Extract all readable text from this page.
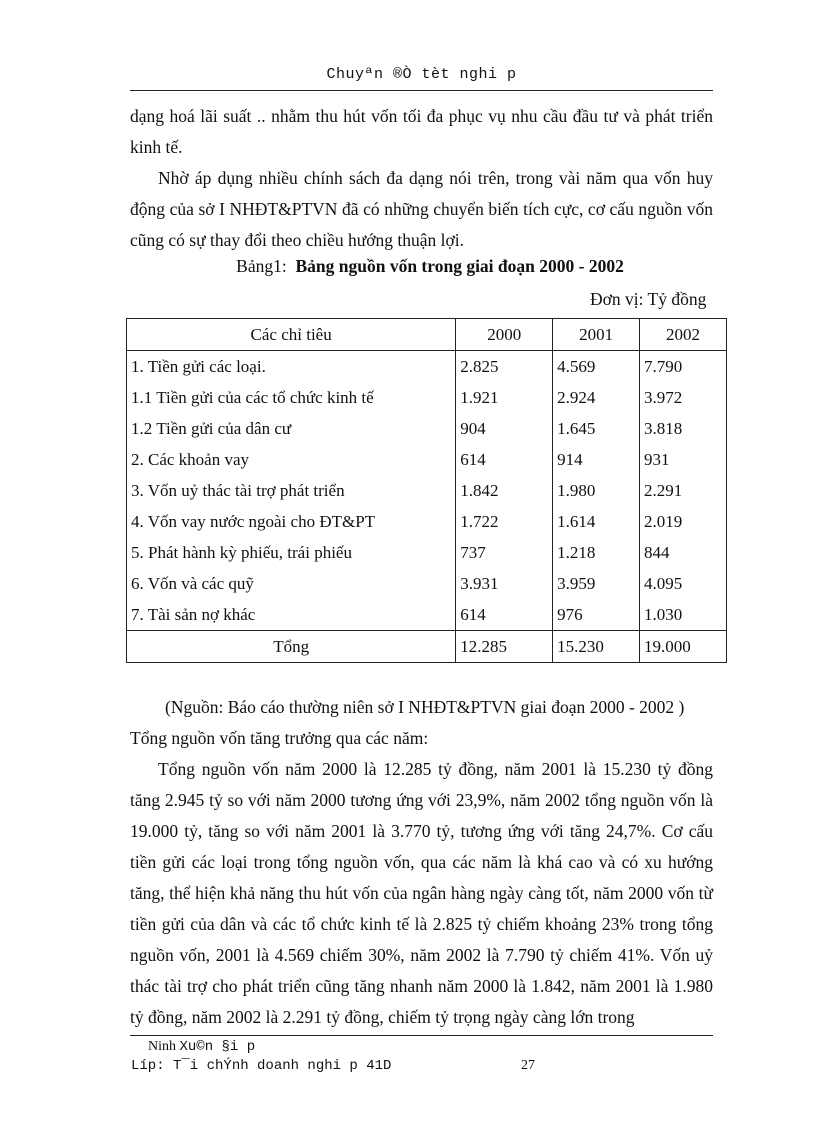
Chuyªn ®Ò tèt nghi p
dạng hoá lãi suất .. nhằm thu hút vốn tối đa phục vụ nhu cầu đầu tư và phát triển kinh tế.
Nhờ áp dụng nhiều chính sách đa dạng nói trên, trong vài năm qua vốn huy động của sở I NHĐT&PTVN đã có những chuyển biến tích cực, cơ cấu nguồn vốn cũng có sự thay đổi theo chiều hướng thuận lợi.
Bảng1: Bảng nguồn vốn trong giai đoạn 2000 - 2002
Đơn vị: Tỷ đồng
Các chỉ tiêu	2000	2001	2002
1. Tiền gửi các loại.	2.825	4.569	7.790
1.1 Tiền gửi của các tổ chức kinh tế	1.921	2.924	3.972
1.2 Tiền gửi của dân cư	904	1.645	3.818
2. Các khoản vay	614	914	931
3. Vốn uỷ thác tài trợ phát triển	1.842	1.980	2.291
4. Vốn vay nước ngoài cho ĐT&PT	1.722	1.614	2.019
5. Phát hành kỳ phiếu, trái phiếu	737	1.218	844
6. Vốn và các quỹ	3.931	3.959	4.095
7. Tài sản nợ khác	614	976	1.030
Tổng	12.285	15.230	19.000
(Nguồn: Báo cáo thường niên sở I NHĐT&PTVN giai đoạn 2000 - 2002 )
Tổng nguồn vốn tăng trưởng qua các năm:
Tổng nguồn vốn năm 2000 là 12.285 tỷ đồng, năm 2001 là 15.230 tỷ đồng tăng 2.945 tỷ so với năm 2000 tương ứng với 23,9%, năm 2002 tổng nguồn vốn là 19.000 tỷ, tăng so với năm 2001 là 3.770 tỷ, tương ứng với tăng 24,7%. Cơ cấu tiền gửi các loại trong tổng nguồn vốn, qua các năm là khá cao và có xu hướng tăng, thể hiện khả năng thu hút vốn của ngân hàng ngày càng tốt, năm 2000 vốn từ tiền gửi của dân và các tổ chức kinh tế là 2.825 tỷ chiếm khoảng 23% trong tổng nguồn vốn, 2001 là 4.569 chiếm 30%, năm 2002 là 7.790 tỷ chiếm 41%. Vốn uỷ thác tài trợ cho phát triển cũng tăng nhanh năm 2000 là 1.842, năm 2001 là 1.980 tỷ đồng, năm 2002 là 2.291 tỷ đồng, chiếm tỷ trọng ngày càng lớn trong
Ninh Xu©n §i p
Líp: T¯i chÝnh doanh nghi p 41D	27
